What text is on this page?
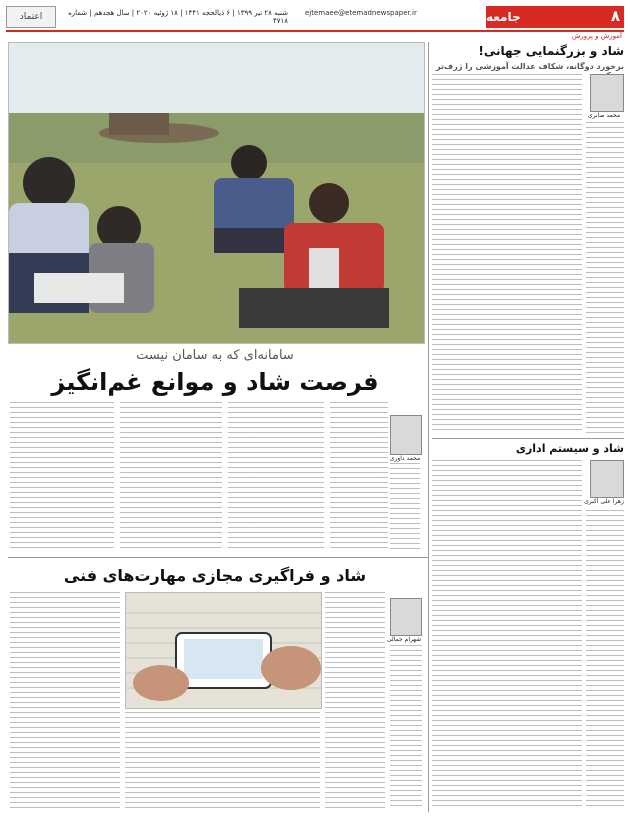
۸
جامعه
ejtemaee@etemadnewspaper.ir
شنبه ۲۸ تیر ۱۳۹۹ | ۶ ذیالحجه ۱۴۴۱ | ۱۸ ژوئیه ۲۰۲۰ | سال هجدهم | شماره ۴۷۱۸
اعتماد
آموزش و پرورش
سامانه‌ای که به سامان نیست
فرصت شاد و موانع غم‌انگیز
محمد داوری
شاد و فراگیری مجازی مهارت‌های فنی
شهرام جمالی
شاد و بزرگنمایی جهانی!
برخورد دوگانه، شکاف عدالت آموزشی را ژرف‌تر
محمد صابری
شاد و سیستم اداری
زهرا علی اکبری
